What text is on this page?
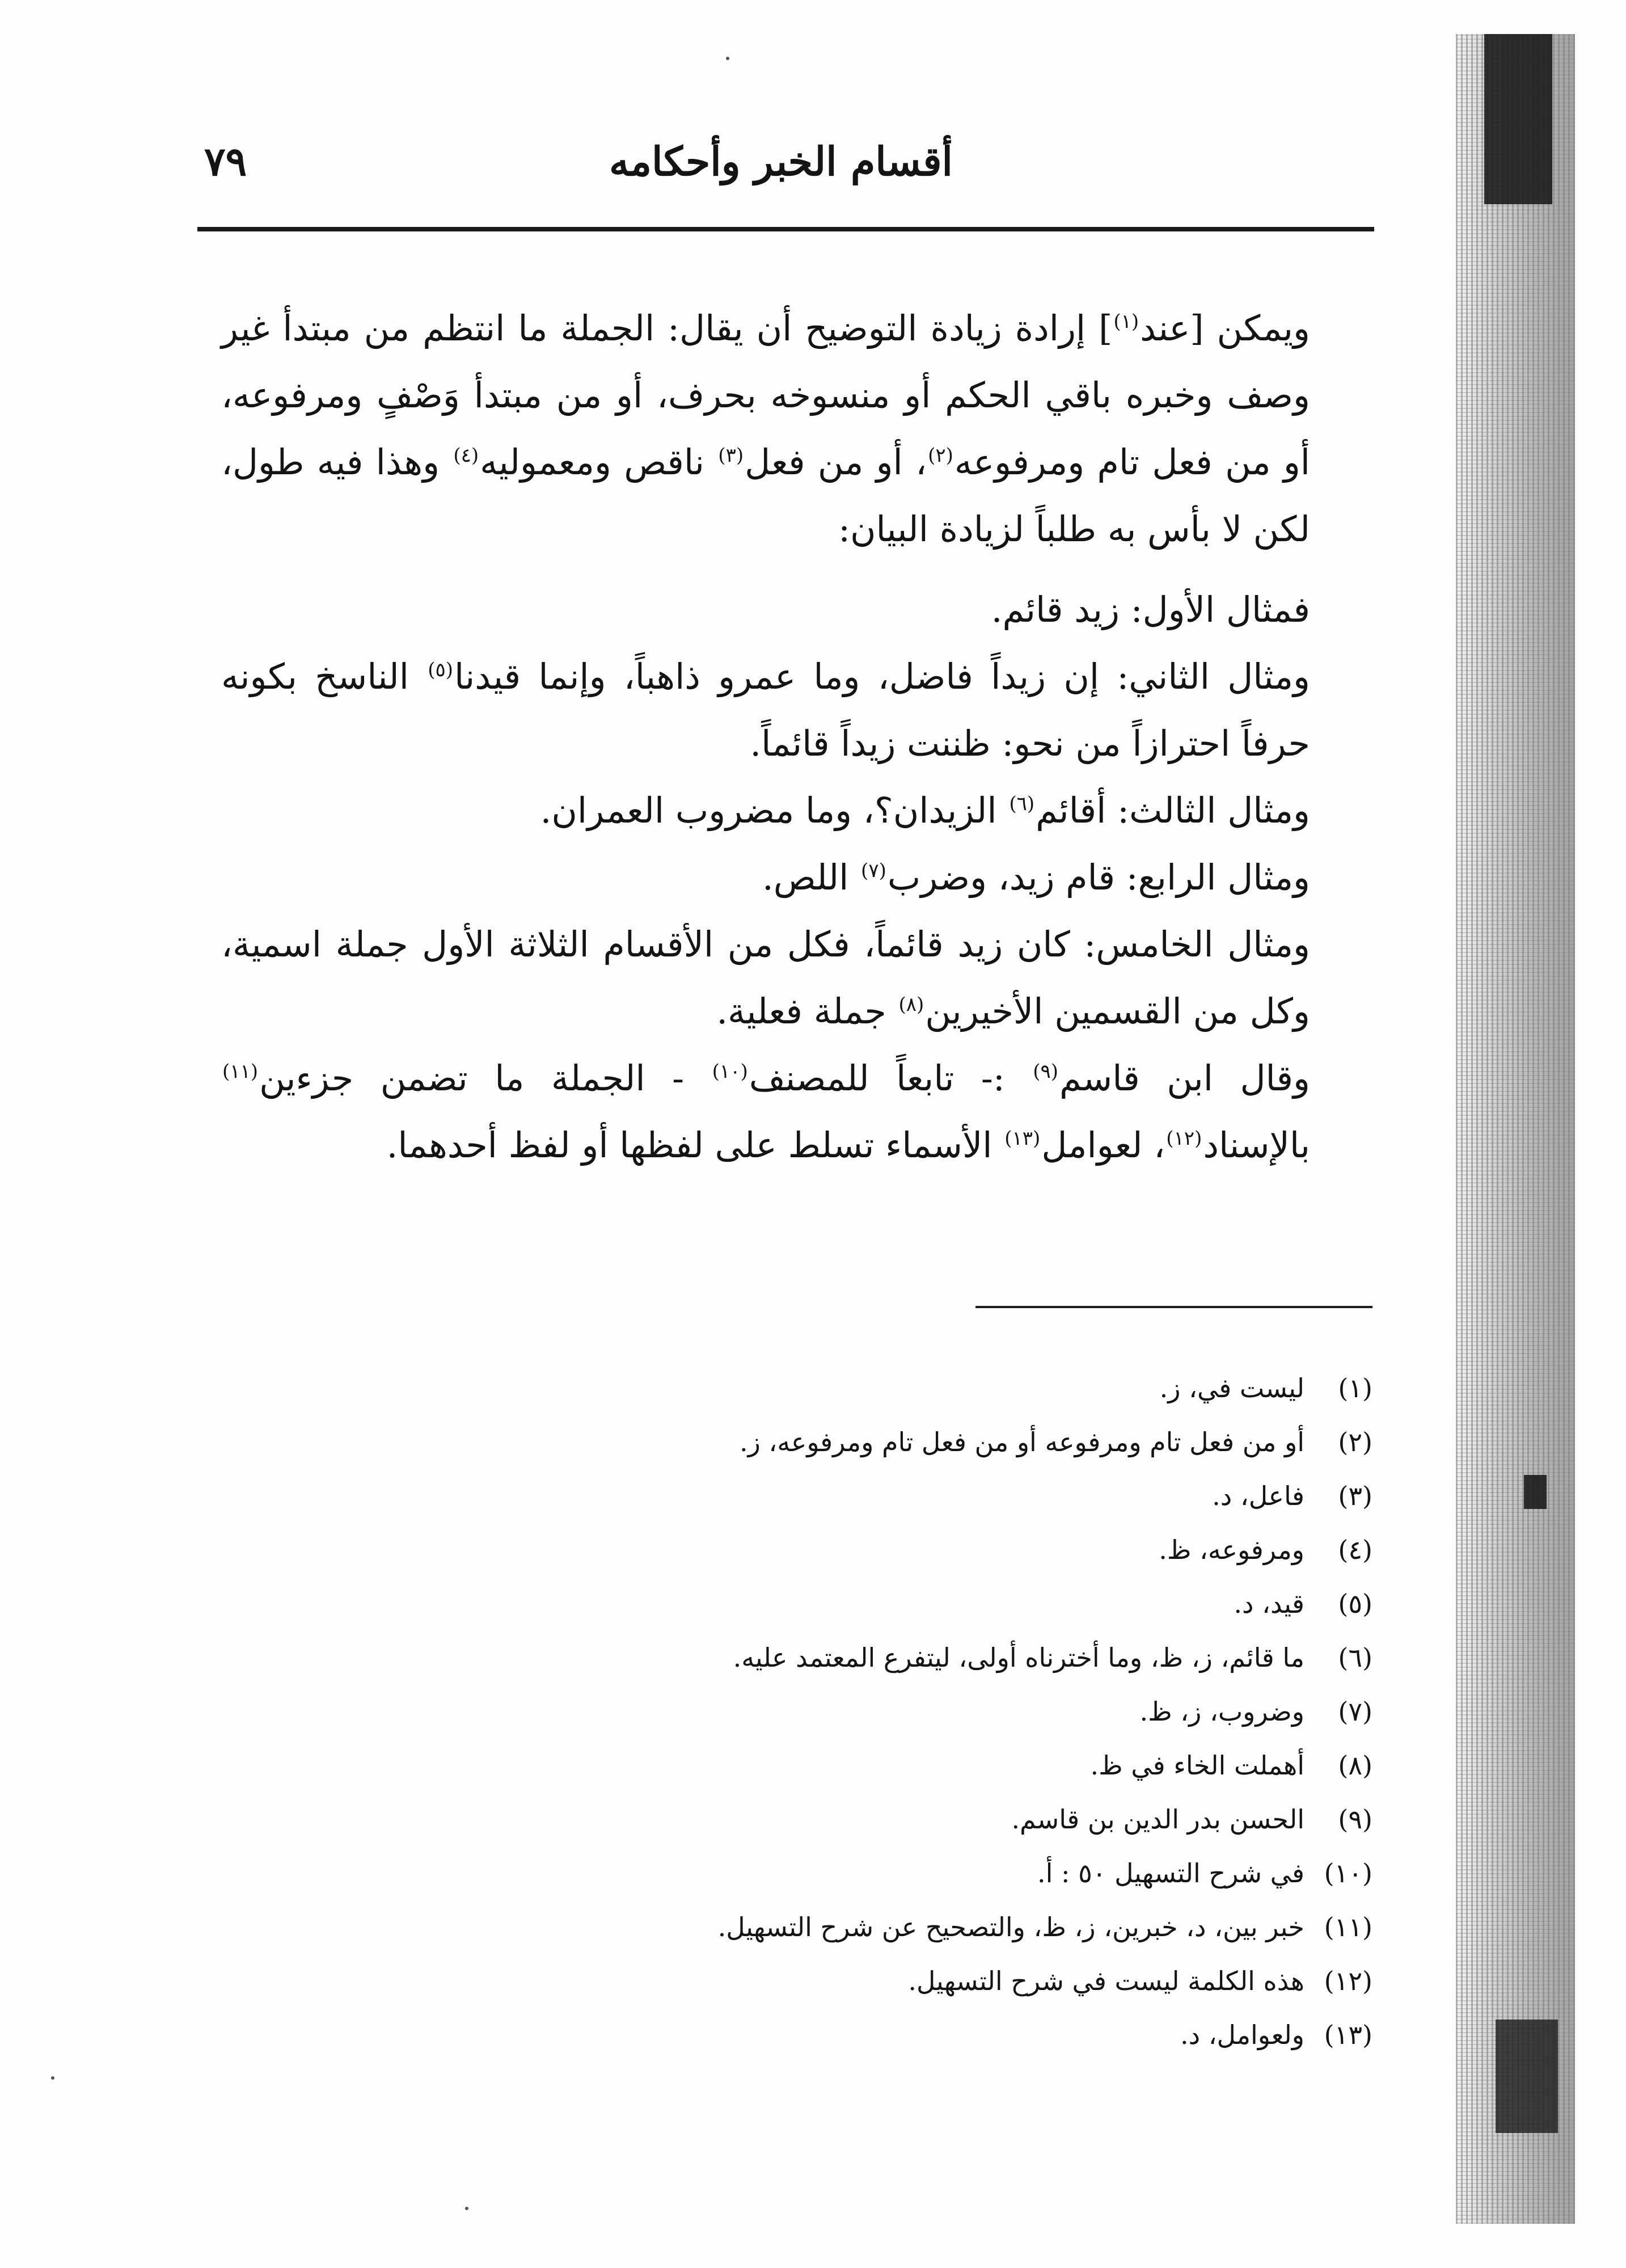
أقسام الخبر وأحكامه
٧٩

ويمكن [عند$^{(١)}$] إرادة زيادة التوضيح أن يقال: الجملة ما انتظم من مبتدأ غير وصف وخبره باقي الحكم أو منسوخه بحرف، أو من مبتدأ وَصْفٍ ومرفوعه، أو من فعل تام ومرفوعه$^{(٢)}$، أو من فعل$^{(٣)}$ ناقص ومعموليه$^{(٤)}$ وهذا فيه طول، لكن لا بأس به طلباً لزيادة البيان:

فمثال الأول: زيد قائم.

ومثال الثاني: إن زيداً فاضل، وما عمرو ذاهباً، وإنما قيدنا$^{(٥)}$ الناسخ بكونه حرفاً احترازاً من نحو: ظننت زيداً قائماً.

ومثال الثالث: أقائم$^{(٦)}$ الزيدان؟، وما مضروب العمران.

ومثال الرابع: قام زيد، وضرب$^{(٧)}$ اللص.

ومثال الخامس: كان زيد قائماً، فكل من الأقسام الثلاثة الأول جملة اسمية، وكل من القسمين الأخيرين$^{(٨)}$ جملة فعلية.

وقال ابن قاسم$^{(٩)}$ :- تابعاً للمصنف$^{(١٠)}$ - الجملة ما تضمن جزءين$^{(١١)}$ بالإسناد$^{(١٢)}$، لعوامل$^{(١٣)}$ الأسماء تسلط على لفظها أو لفظ أحدهما.

(١)
ليست في، ز.
(٢)
أو من فعل تام ومرفوعه أو من فعل تام ومرفوعه، ز.
(٣)
فاعل، د.
(٤)
ومرفوعه، ظ.
(٥)
قيد، د.
(٦)
ما قائم، ز، ظ، وما أخترناه أولى، ليتفرع المعتمد عليه.
(٧)
وضروب، ز، ظ.
(٨)
أهملت الخاء في ظ.
(٩)
الحسن بدر الدين بن قاسم.
(١٠)
في شرح التسهيل ٥٠ : أ.
(١١)
خبر بين، د، خبرين، ز، ظ، والتصحيح عن شرح التسهيل.
(١٢)
هذه الكلمة ليست في شرح التسهيل.
(١٣)
ولعوامل، د.
